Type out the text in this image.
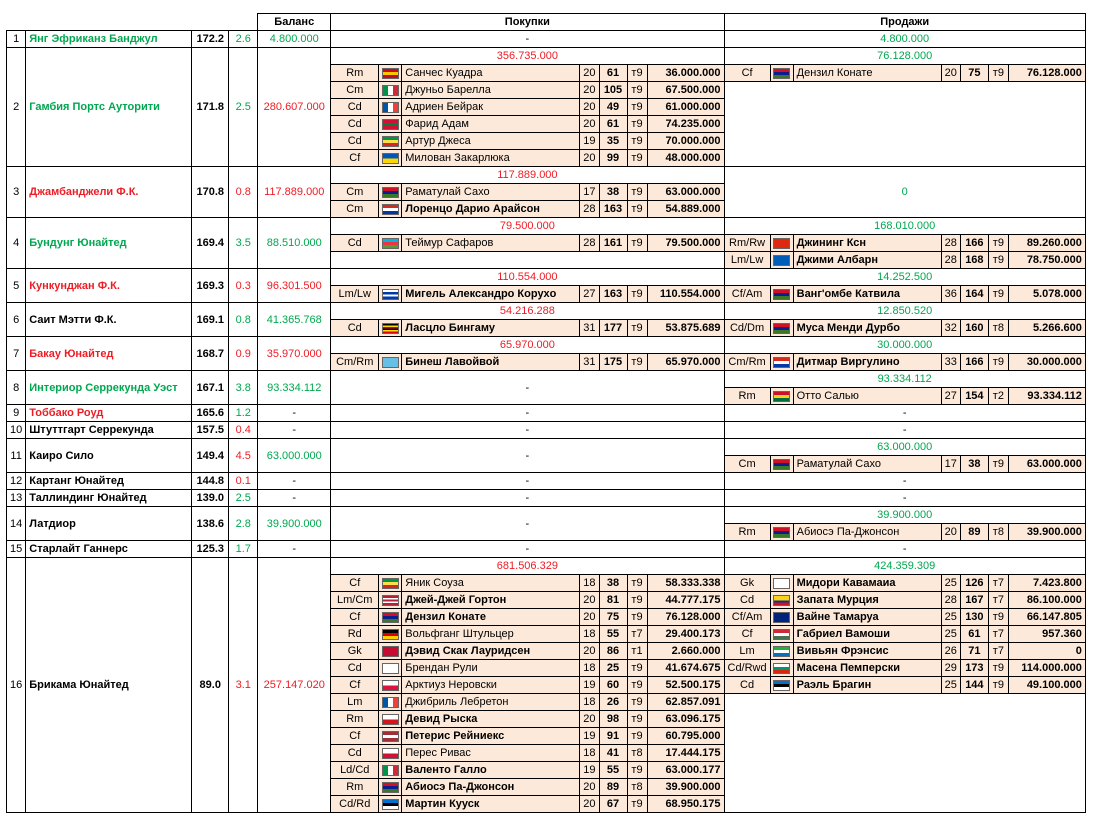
				Баланс	Покупки							Продажи						
1	Янг Эфриканз Банджул	172.2	2.6	4.800.000	-							4.800.000						
2	Гамбия Портс Ауторити	171.8	2.5	280.607.000	356.735.000							76.128.000						
					Rm		Санчес Куадра	20	61	т9	36.000.000	Cf		Дензил Конате	20	75	т9	76.128.000
					Cm		Джуньо Барелла	20	105	т9	67.500.000							
					Cd		Адриен Бейрак	20	49	т9	61.000.000							
					Cd		Фарид Адам	20	61	т9	74.235.000							
					Cd		Артур Джеса	19	35	т9	70.000.000							
					Cf		Милован Закарлюка	20	99	т9	48.000.000							
3	Джамбанджели Ф.К.	170.8	0.8	117.889.000	117.889.000							0						
					Cm		Раматулай Сахо	17	38	т9	63.000.000							
					Cm		Лоренцо Дарио Арайсон	28	163	т9	54.889.000							
4	Бундунг Юнайтед	169.4	3.5	88.510.000	79.500.000							168.010.000						
					Cd		Теймур Сафаров	28	161	т9	79.500.000	Rm/Rw		Джининг Ксн	28	166	т9	89.260.000
												Lm/Lw		Джими Албарн	28	168	т9	78.750.000
5	Кункунджан Ф.К.	169.3	0.3	96.301.500	110.554.000							14.252.500						
					Lm/Lw		Мигель Александро Коруxo	27	163	т9	110.554.000	Cf/Am		Ванг'омбе Катвила	36	164	т9	5.078.000
6	Саит Мэтти Ф.К.	169.1	0.8	41.365.768	54.216.288							12.850.520						
					Cd		Ласцло Бингаму	31	177	т9	53.875.689	Cd/Dm		Муса Менди Дурбо	32	160	т8	5.266.600
7	Бакау Юнайтед	168.7	0.9	35.970.000	65.970.000							30.000.000						
					Cm/Rm		Бинеш Лавойвой	31	175	т9	65.970.000	Cm/Rm		Дитмар Виргулино	33	166	т9	30.000.000
8	Интериор Серрекунда Уэст	167.1	3.8	93.334.112	-							93.334.112						
												Rm		Отто Салью	27	154	т2	93.334.112
9	Тоббако Роуд	165.6	1.2	-	-							-						
10	Штуттгарт Серрекунда	157.5	0.4	-	-							-						
11	Каиро Сило	149.4	4.5	63.000.000	-							63.000.000						
												Cm		Раматулай Сахо	17	38	т9	63.000.000
12	Картанг Юнайтед	144.8	0.1	-	-							-						
13	Таллиндинг Юнайтед	139.0	2.5	-	-							-						
14	Латдиор	138.6	2.8	39.900.000	-							39.900.000						
												Rm		Абиосэ Па-Джонсон	20	89	т8	39.900.000
15	Старлайт Ганнерс	125.3	1.7	-	-							-						
16	Брикама Юнайтед	89.0	3.1	257.147.020	681.506.329							424.359.309						
					Cf		Яник Соуза	18	38	т9	58.333.338	Gk		Мидори Кавамаиа	25	126	т7	7.423.800
					Lm/Cm		Джей-Джей Гортон	20	81	т9	44.777.175	Cd		Запата Мурция	28	167	т7	86.100.000
					Cf		Дензил Конате	20	75	т9	76.128.000	Cf/Am		Вайне Тамаруа	25	130	т9	66.147.805
					Rd		Вольфганг Штульцер	18	55	т7	29.400.173	Cf		Габриел Вамоши	25	61	т7	957.360
					Gk		Дэвид Скак Лауридсен	20	86	т1	2.660.000	Lm		Вивьян Фрэнсис	26	71	т7	0
					Cd		Брендан Рули	18	25	т9	41.674.675	Cd/Rwd		Масена Пемперски	29	173	т9	114.000.000
					Cf		Арктиуз Неровски	19	60	т9	52.500.175	Cd		Раэль Брагин	25	144	т9	49.100.000
					Lm		Джибриль Лебретон	18	26	т9	62.857.091							
					Rm		Девид Рыска	20	98	т9	63.096.175							
					Cf		Петерис Рейниекс	19	91	т9	60.795.000							
					Cd		Перес Ривас	18	41	т8	17.444.175							
					Ld/Cd		Валенто Галло	19	55	т9	63.000.177							
					Rm		Абиосэ Па-Джонсон	20	89	т8	39.900.000							
					Cd/Rd		Мартин Кууск	20	67	т9	68.950.175							
